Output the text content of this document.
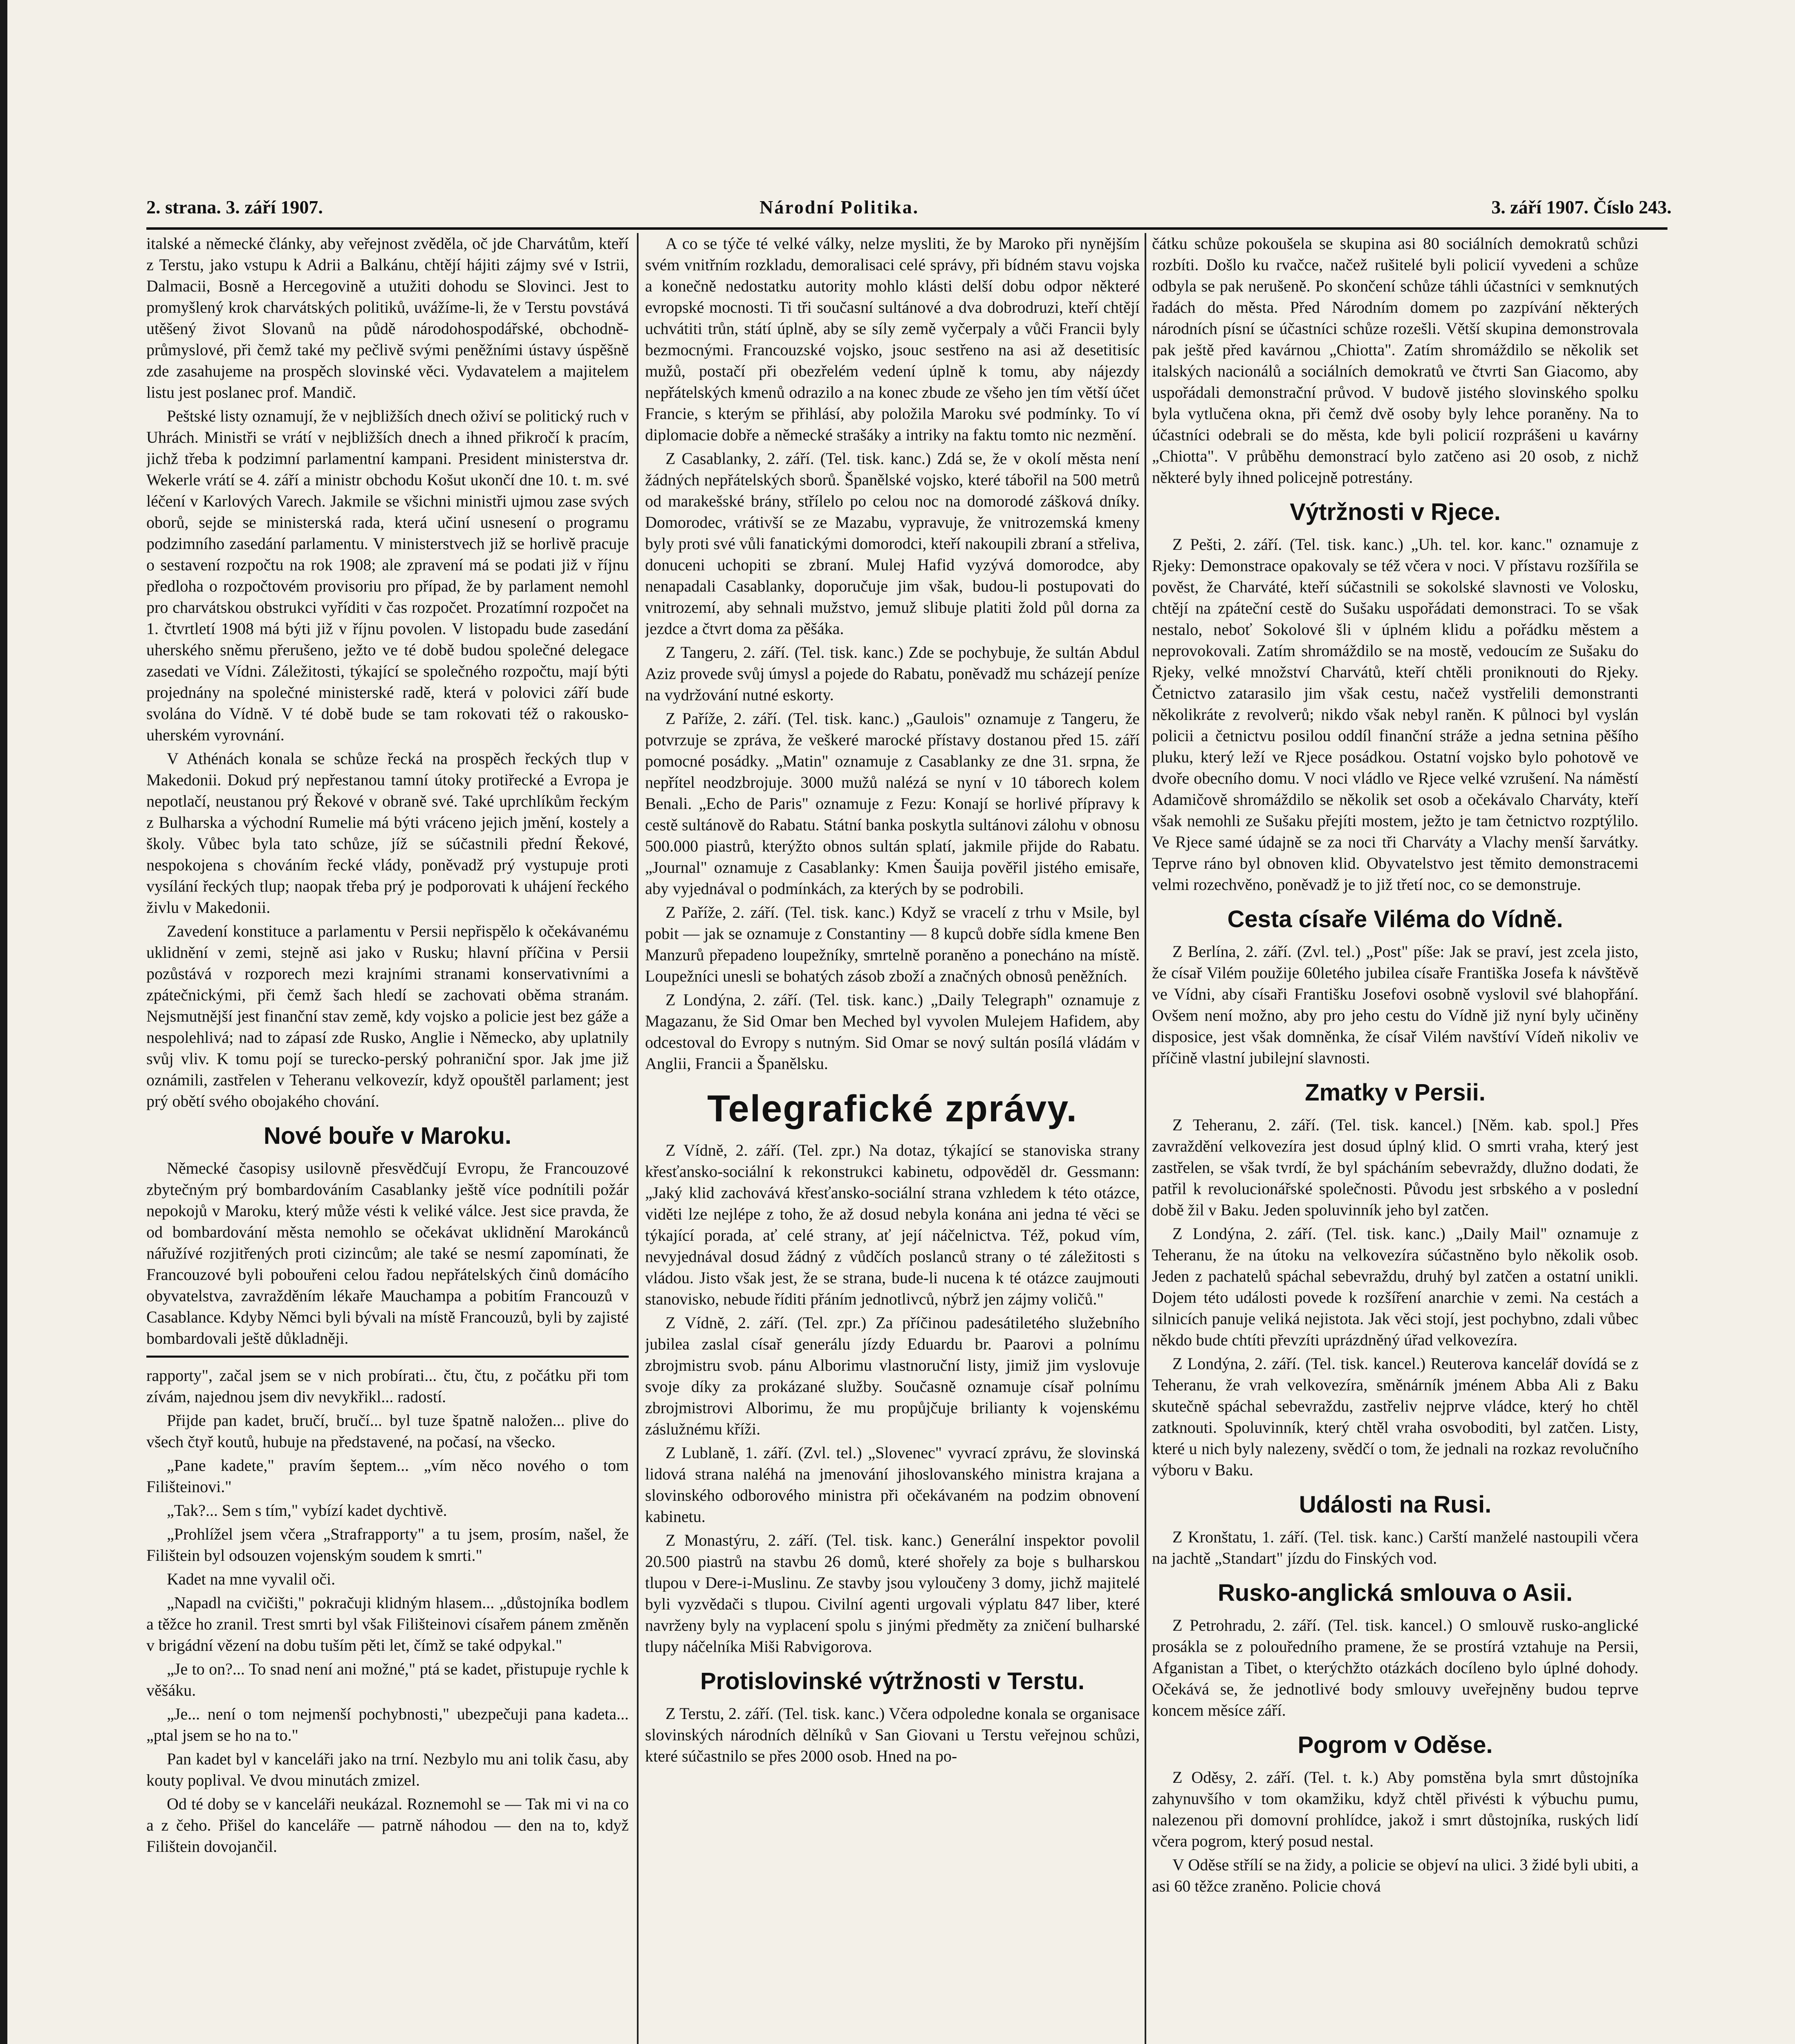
2. strana. 3. září 1907.	Národní Politika.	3. září 1907. Číslo 243.

italské a německé články, aby veřejnost zvěděla, oč jde Charvátům, kteří z Terstu, jako vstupu k Adrii a Balkánu, chtějí hájiti zájmy své v Istrii, Dalmacii, Bosně a Hercegovině a utužiti dohodu se Slovinci. Jest to promyšlený krok charvátských politiků, uvážíme-li, že v Terstu povstává utěšený život Slovanů na půdě národohospodářské, obchodně-průmyslové, při čemž také my pečlivě svými peněžními ústavy úspěšně zde zasahujeme na prospěch slovinské věci. Vydavatelem a majitelem listu jest poslanec prof. Mandič.

Peštské listy oznamují, že v nejbližších dnech oživí se politický ruch v Uhrách. Ministři se vrátí v nejbližších dnech a ihned přikročí k pracím, jichž třeba k podzimní parlamentní kampani. President ministerstva dr. Wekerle vrátí se 4. září a ministr obchodu Košut ukončí dne 10. t. m. své léčení v Karlových Varech. Jakmile se všichni ministři ujmou zase svých oborů, sejde se ministerská rada, která učiní usnesení o programu podzimního zasedání parlamentu. V ministerstvech již se horlivě pracuje o sestavení rozpočtu na rok 1908; ale zpravení má se podati již v říjnu předloha o rozpočtovém provisoriu pro případ, že by parlament nemohl pro charvátskou obstrukci vyříditi v čas rozpočet. Prozatímní rozpočet na 1. čtvrtletí 1908 má býti již v říjnu povolen. V listopadu bude zasedání uherského sněmu přerušeno, ježto ve té době budou společné delegace zasedati ve Vídni. Záležitosti, týkající se společného rozpočtu, mají býti projednány na společné ministerské radě, která v polovici září bude svolána do Vídně. V té době bude se tam rokovati též o rakousko-uherském vyrovnání.

V Athénách konala se schůze řecká na prospěch řeckých tlup v Makedonii. Dokud prý nepřestanou tamní útoky protiřecké a Evropa je nepotlačí, neustanou prý Řekové v obraně své. Také uprchlíkům řeckým z Bulharska a východní Rumelie má býti vráceno jejich jmění, kostely a školy. Vůbec byla tato schůze, jíž se súčastnili přední Řekové, nespokojena s chováním řecké vlády, poněvadž prý vystupuje proti vysílání řeckých tlup; naopak třeba prý je podporovati k uhájení řeckého živlu v Makedonii.

Zavedení konstituce a parlamentu v Persii nepřispělo k očekávanému uklidnění v zemi, stejně asi jako v Rusku; hlavní příčina v Persii pozůstává v rozporech mezi krajními stranami konservativními a zpátečnickými, při čemž šach hledí se zachovati oběma stranám. Nejsmutnější jest finanční stav země, kdy vojsko a policie jest bez gáže a nespolehlivá; nad to zápasí zde Rusko, Anglie i Německo, aby uplatnily svůj vliv. K tomu pojí se turecko-perský pohraniční spor. Jak jme již oznámili, zastřelen v Teheranu velkovezír, když opouštěl parlament; jest prý obětí svého obojakého chování.

Nové bouře v Maroku.

Německé časopisy usilovně přesvědčují Evropu, že Francouzové zbytečným prý bombardováním Casablanky ještě více podnítili požár nepokojů v Maroku, který může vésti k veliké válce. Jest sice pravda, že od bombardování města nemohlo se očekávat uklidnění Marokánců nářužívé rozjitřených proti cizincům; ale také se nesmí zapomínati, že Francouzové byli pobouřeni celou řadou nepřátelských činů domácího obyvatelstva, zavražděním lékaře Mauchampa a pobitím Francouzů v Casablance. Kdyby Němci byli bývali na místě Francouzů, byli by zajisté bombardovali ještě důkladněji.

rapporty", začal jsem se v nich probírati... čtu, čtu, z počátku při tom zívám, najednou jsem div nevykřikl... radostí.

Přijde pan kadet, bručí, bručí... byl tuze špatně naložen... plive do všech čtyř koutů, hubuje na představené, na počasí, na všecko.

„Pane kadete," pravím šeptem... „vím něco nového o tom Filišteinovi."

„Tak?... Sem s tím," vybízí kadet dychtivě.

„Prohlížel jsem včera „Strafrapporty" a tu jsem, prosím, našel, že Filištein byl odsouzen vojenským soudem k smrti."

Kadet na mne vyvalil oči.

„Napadl na cvičišti," pokračuji klidným hlasem... „důstojníka bodlem a těžce ho zranil. Trest smrti byl však Filišteinovi císařem pánem změněn v brigádní vězení na dobu tuším pěti let, čímž se také odpykal."

„Je to on?... To snad není ani možné," ptá se kadet, přistupuje rychle k věšáku.

„Je... není o tom nejmenší pochybnosti," ubezpečuji pana kadeta... „ptal jsem se ho na to."

Pan kadet byl v kanceláři jako na trní. Nezbylo mu ani tolik času, aby kouty poplival. Ve dvou minutách zmizel.

Od té doby se v kanceláři neukázal. Roznemohl se — Tak mi vi na co a z čeho. Přišel do kanceláře — patrně náhodou — den na to, když Filištein dovojančil.

A co se týče té velké války, nelze mysliti, že by Maroko při nynějším svém vnitřním rozkladu, demoralisaci celé správy, při bídném stavu vojska a konečně nedostatku autority mohlo klásti delší dobu odpor některé evropské mocnosti. Ti tři současní sultánové a dva dobrodruzi, kteří chtějí uchvátiti trůn, státí úplně, aby se síly země vyčerpaly a vůči Francii byly bezmocnými. Francouzské vojsko, jsouc sestřeno na asi až desetitisíc mužů, postačí při obezřelém vedení úplně k tomu, aby nájezdy nepřátelských kmenů odrazilo a na konec zbude ze všeho jen tím větší účet Francie, s kterým se přihlásí, aby položila Maroku své podmínky. To ví diplomacie dobře a německé strašáky a intriky na faktu tomto nic nezmění.

Z Casablanky, 2. září. (Tel. tisk. kanc.) Zdá se, že v okolí města není žádných nepřátelských sborů. Španělské vojsko, které tábořil na 500 metrů od marakešské brány, střílelo po celou noc na domorodé zášková dníky. Domorodec, vrátivší se ze Mazabu, vypravuje, že vnitrozemská kmeny byly proti své vůli fanatickými domorodci, kteří nakoupili zbraní a střeliva, donuceni uchopiti se zbraní. Mulej Hafid vyzývá domorodce, aby nenapadali Casablanky, doporučuje jim však, budou-li postupovati do vnitrozemí, aby sehnali mužstvo, jemuž slibuje platiti žold půl dorna za jezdce a čtvrt doma za pěšáka.

Z Tangeru, 2. září. (Tel. tisk. kanc.) Zde se pochybuje, že sultán Abdul Aziz provede svůj úmysl a pojede do Rabatu, poněvadž mu scházejí peníze na vydržování nutné eskorty.

Z Paříže, 2. září. (Tel. tisk. kanc.) „Gaulois" oznamuje z Tangeru, že potvrzuje se zpráva, že veškeré marocké přístavy dostanou před 15. září pomocné posádky. „Matin" oznamuje z Casablanky ze dne 31. srpna, že nepřítel neodzbrojuje. 3000 mužů nalézá se nyní v 10 táborech kolem Benali. „Echo de Paris" oznamuje z Fezu: Konají se horlivé přípravy k cestě sultánově do Rabatu. Státní banka poskytla sultánovi zálohu v obnosu 500.000 piastrů, kterýžto obnos sultán splatí, jakmile přijde do Rabatu. „Journal" oznamuje z Casablanky: Kmen Šauija pověřil jistého emisaře, aby vyjednával o podmínkách, za kterých by se podrobili.

Z Paříže, 2. září. (Tel. tisk. kanc.) Když se vracelí z trhu v Msile, byl pobit — jak se oznamuje z Constantiny — 8 kupců dobře sídla kmene Ben Manzurů přepadeno loupežníky, smrtelně poraněno a ponecháno na místě. Loupežníci unesli se bohatých zásob zboží a značných obnosů peněžních.

Z Londýna, 2. září. (Tel. tisk. kanc.) „Daily Telegraph" oznamuje z Magazanu, že Sid Omar ben Meched byl vyvolen Mulejem Hafidem, aby odcestoval do Evropy s nutným. Sid Omar se nový sultán posílá vládám v Anglii, Francii a Španělsku.

Telegrafické zprávy.

Z Vídně, 2. září. (Tel. zpr.) Na dotaz, týkající se stanoviska strany křesťansko-sociální k rekonstrukci kabinetu, odpověděl dr. Gessmann: „Jaký klid zachovává křesťansko-sociální strana vzhledem k této otázce, viděti lze nejlépe z toho, že až dosud nebyla konána ani jedna té věci se týkající porada, ať celé strany, ať její náčelnictva. Též, pokud vím, nevyjednával dosud žádný z vůdčích poslanců strany o té záležitosti s vládou. Jisto však jest, že se strana, bude-li nucena k té otázce zaujmouti stanovisko, nebude říditi přáním jednotlivců, nýbrž jen zájmy voličů."

Z Vídně, 2. září. (Tel. zpr.) Za příčinou padesátiletého služebního jubilea zaslal císař generálu jízdy Eduardu br. Paarovi a polnímu zbrojmistru svob. pánu Alborimu vlastnoruční listy, jimiž jim vyslovuje svoje díky za prokázané služby. Současně oznamuje císař polnímu zbrojmistrovi Alborimu, že mu propůjčuje brilianty k vojenskému záslužnému kříži.

Z Lublaně, 1. září. (Zvl. tel.) „Slovenec" vyvrací zprávu, že slovinská lidová strana naléhá na jmenování jihoslovanského ministra krajana a slovinského odborového ministra při očekávaném na podzim obnovení kabinetu.

Z Monastýru, 2. září. (Tel. tisk. kanc.) Generální inspektor povolil 20.500 piastrů na stavbu 26 domů, které shořely za boje s bulharskou tlupou v Dere-i-Muslinu. Ze stavby jsou vyloučeny 3 domy, jichž majitelé byli vyzvědači s tlupou. Civilní agenti urgovali výplatu 847 liber, které navrženy byly na vyplacení spolu s jinými předměty za zničení bulharské tlupy náčelníka Miši Rabvigorova.

Protislovinské výtržnosti v Terstu.

Z Terstu, 2. září. (Tel. tisk. kanc.) Včera odpoledne konala se organisace slovinských národních dělníků v San Giovani u Terstu veřejnou schůzi, které súčastnilo se přes 2000 osob. Hned na po-

čátku schůze pokoušela se skupina asi 80 sociálních demokratů schůzi rozbíti. Došlo ku rvačce, načež rušitelé byli policií vyvedeni a schůze odbyla se pak nerušeně. Po skončení schůze táhli účastníci v semknutých řadách do města. Před Národním domem po zazpívání některých národních písní se účastníci schůze rozešli. Větší skupina demonstrovala pak ještě před kavárnou „Chiotta". Zatím shromáždilo se několik set italských nacionálů a sociálních demokratů ve čtvrti San Giacomo, aby uspořádali demonstrační průvod. V budově jistého slovinského spolku byla vytlučena okna, při čemž dvě osoby byly lehce poraněny. Na to účastníci odebrali se do města, kde byli policií rozprášeni u kavárny „Chiotta". V průběhu demonstrací bylo zatčeno asi 20 osob, z nichž některé byly ihned policejně potrestány.

Výtržnosti v Rjece.

Z Pešti, 2. září. (Tel. tisk. kanc.) „Uh. tel. kor. kanc." oznamuje z Rjeky: Demonstrace opakovaly se též včera v noci. V přístavu rozšířila se pověst, že Charváté, kteří súčastnili se sokolské slavnosti ve Volosku, chtějí na zpáteční cestě do Sušaku uspořádati demonstraci. To se však nestalo, neboť Sokolové šli v úplném klidu a pořádku městem a neprovokovali. Zatím shromáždilo se na mostě, vedoucím ze Sušaku do Rjeky, velké množství Charvátů, kteří chtěli proniknouti do Rjeky. Četnictvo zatarasilo jim však cestu, načež vystřelili demonstranti několikráte z revolverů; nikdo však nebyl raněn. K půlnoci byl vyslán policii a četnictvu posilou oddíl finanční stráže a jedna setnina pěšího pluku, který leží ve Rjece posádkou. Ostatní vojsko bylo pohotově ve dvoře obecního domu. V noci vládlo ve Rjece velké vzrušení. Na náměstí Adamičově shromáždilo se několik set osob a očekávalo Charváty, kteří však nemohli ze Sušaku přejíti mostem, ježto je tam četnictvo rozptýlilo. Ve Rjece samé údajně se za noci tři Charváty a Vlachy menší šarvátky. Teprve ráno byl obnoven klid. Obyvatelstvo jest těmito demonstracemi velmi rozechvěno, poněvadž je to již třetí noc, co se demonstruje.

Cesta císaře Viléma do Vídně.

Z Berlína, 2. září. (Zvl. tel.) „Post" píše: Jak se praví, jest zcela jisto, že císař Vilém použije 60letého jubilea císaře Františka Josefa k návštěvě ve Vídni, aby císaři Františku Josefovi osobně vyslovil své blahopřání. Ovšem není možno, aby pro jeho cestu do Vídně již nyní byly učiněny disposice, jest však domněnka, že císař Vilém navštíví Vídeň nikoliv ve příčině vlastní jubilejní slavnosti.

Zmatky v Persii.

Z Teheranu, 2. září. (Tel. tisk. kancel.) [Něm. kab. spol.] Přes zavraždění velkovezíra jest dosud úplný klid. O smrti vraha, který jest zastřelen, se však tvrdí, že byl spácháním sebevraždy, dlužno dodati, že patřil k revolucionářské společnosti. Původu jest srbského a v poslední době žil v Baku. Jeden spoluvinník jeho byl zatčen.

Z Londýna, 2. září. (Tel. tisk. kanc.) „Daily Mail" oznamuje z Teheranu, že na útoku na velkovezíra súčastněno bylo několik osob. Jeden z pachatelů spáchal sebevraždu, druhý byl zatčen a ostatní unikli. Dojem této události povede k rozšíření anarchie v zemi. Na cestách a silnicích panuje veliká nejistota. Jak věci stojí, jest pochybno, zdali vůbec někdo bude chtíti převzíti uprázdněný úřad velkovezíra.

Z Londýna, 2. září. (Tel. tisk. kancel.) Reuterova kancelář dovídá se z Teheranu, že vrah velkovezíra, směnárník jménem Abba Ali z Baku skutečně spáchal sebevraždu, zastřeliv nejprve vládce, který ho chtěl zatknouti. Spoluvinník, který chtěl vraha osvoboditi, byl zatčen. Listy, které u nich byly nalezeny, svědčí o tom, že jednali na rozkaz revolučního výboru v Baku.

Události na Rusi.

Z Kronštatu, 1. září. (Tel. tisk. kanc.) Carští manželé nastoupili včera na jachtě „Standart" jízdu do Finských vod.

Rusko-anglická smlouva o Asii.

Z Petrohradu, 2. září. (Tel. tisk. kancel.) O smlouvě rusko-anglické prosákla se z polouředního pramene, že se prostírá vztahuje na Persii, Afganistan a Tibet, o kterýchžto otázkách docíleno bylo úplné dohody. Očekává se, že jednotlivé body smlouvy uveřejněny budou teprve koncem měsíce září.

Pogrom v Oděse.

Z Oděsy, 2. září. (Tel. t. k.) Aby pomstěna byla smrt důstojníka zahynuvšího v tom okamžiku, když chtěl přivésti k výbuchu pumu, nalezenou při domovní prohlídce, jakož i smrt důstojníka, ruských lidí včera pogrom, který posud nestal.

V Oděse střílí se na židy, a policie se objeví na ulici. 3 židé byli ubiti, a asi 60 těžce zraněno. Policie chová
